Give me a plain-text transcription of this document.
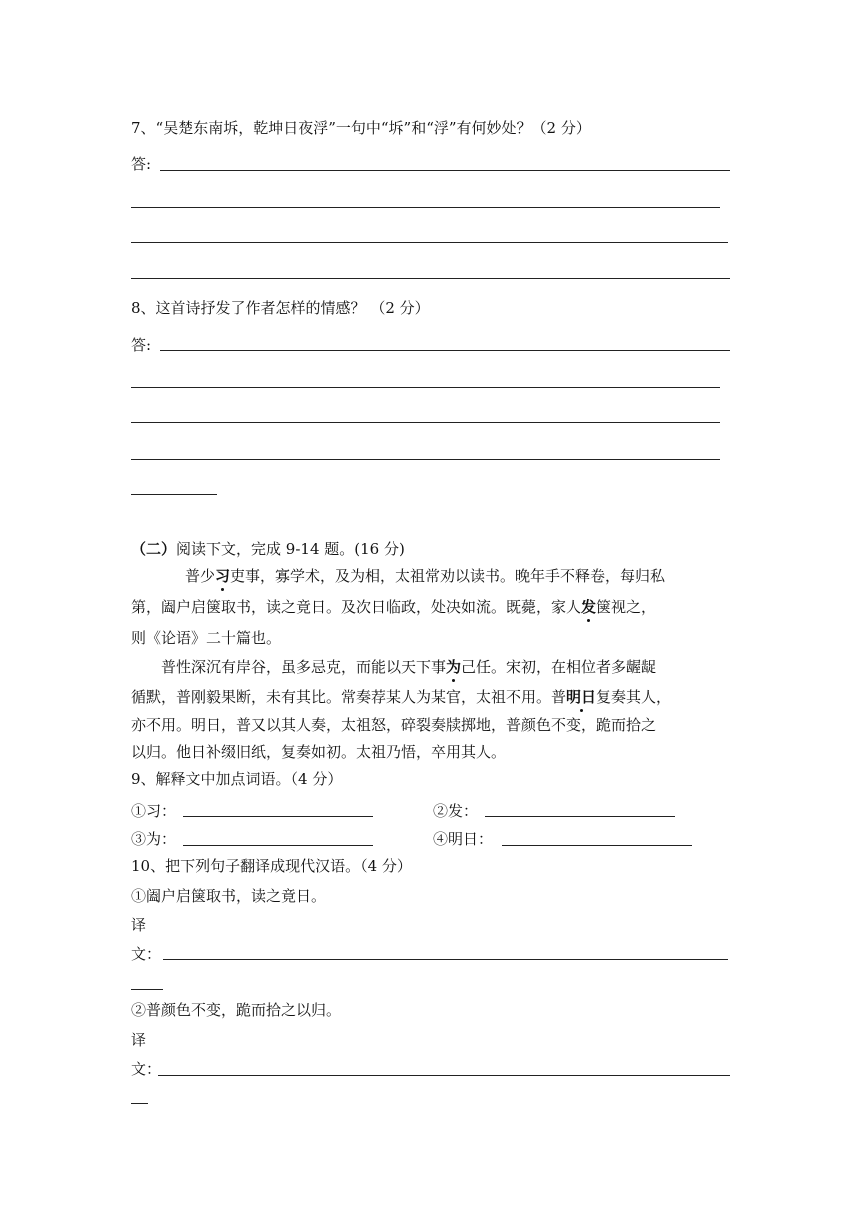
7、“吴楚东南坼，乾坤日夜浮”一句中“坼”和“浮”有何妙处？（2 分）
答:
8、这首诗抒发了作者怎样的情感？ （2 分）
答:
（二）阅读下文，完成 9-14 题。(16 分)
普少习吏事，寡学术，及为相，太祖常劝以读书。晚年手不释卷，每归私
第，阖户启箧取书，读之竟日。及次日临政，处决如流。既薨，家人发箧视之，
则《论语》二十篇也。
普性深沉有岸谷，虽多忌克，而能以天下事为己任。宋初，在相位者多龌龊
循默，普刚毅果断，未有其比。常奏荐某人为某官，太祖不用。普明日复奏其人，
亦不用。明日，普又以其人奏，太祖怒，碎裂奏牍掷地，普颜色不变，跪而拾之
以归。他日补缀旧纸，复奏如初。太祖乃悟，卒用其人。
9、解释文中加点词语。（4 分）
①习：	②发：
③为：	④明日：
10、把下列句子翻译成现代汉语。（4 分）
①阖户启箧取书，读之竟日。
译
文：
②普颜色不变，跪而拾之以归。
译
文：
